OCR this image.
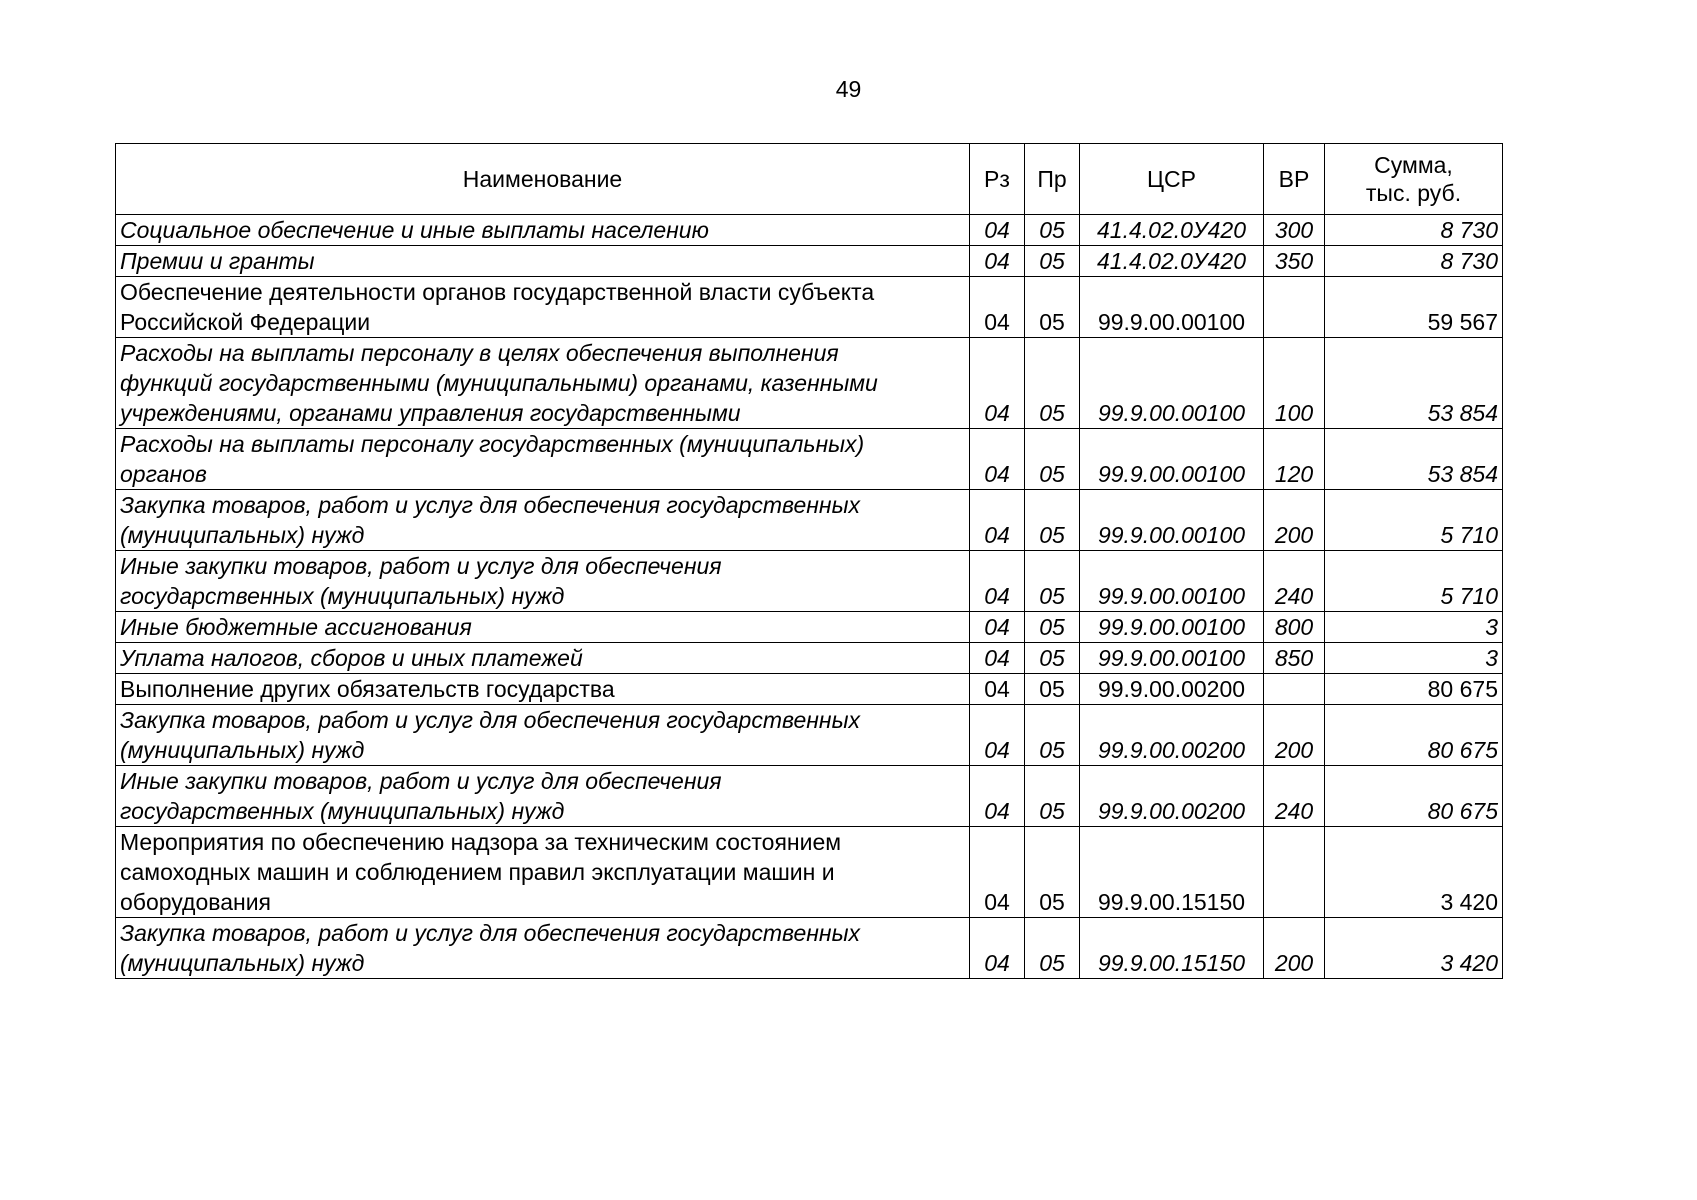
49
Наименование	Рз	Пр	ЦСР	ВР	Сумма,
тыс. руб.
Социальное обеспечение и иные выплаты населению	04	05	41.4.02.0У420	300	8 730
Премии и гранты	04	05	41.4.02.0У420	350	8 730
Обеспечение деятельности органов государственной власти субъекта
Российской Федерации	04	05	99.9.00.00100		59 567
Расходы на выплаты персоналу в целях обеспечения выполнения
функций государственными (муниципальными) органами, казенными
учреждениями, органами управления государственными	04	05	99.9.00.00100	100	53 854
Расходы на выплаты персоналу государственных (муниципальных)
органов	04	05	99.9.00.00100	120	53 854
Закупка товаров, работ и услуг для обеспечения государственных
(муниципальных) нужд	04	05	99.9.00.00100	200	5 710
Иные закупки товаров, работ и услуг для обеспечения
государственных (муниципальных) нужд	04	05	99.9.00.00100	240	5 710
Иные бюджетные ассигнования	04	05	99.9.00.00100	800	3
Уплата налогов, сборов и иных платежей	04	05	99.9.00.00100	850	3
Выполнение других обязательств государства	04	05	99.9.00.00200		80 675
Закупка товаров, работ и услуг для обеспечения государственных
(муниципальных) нужд	04	05	99.9.00.00200	200	80 675
Иные закупки товаров, работ и услуг для обеспечения
государственных (муниципальных) нужд	04	05	99.9.00.00200	240	80 675
Мероприятия по обеспечению надзора за техническим состоянием
самоходных машин и соблюдением правил эксплуатации машин и
оборудования	04	05	99.9.00.15150		3 420
Закупка товаров, работ и услуг для обеспечения государственных
(муниципальных) нужд	04	05	99.9.00.15150	200	3 420
